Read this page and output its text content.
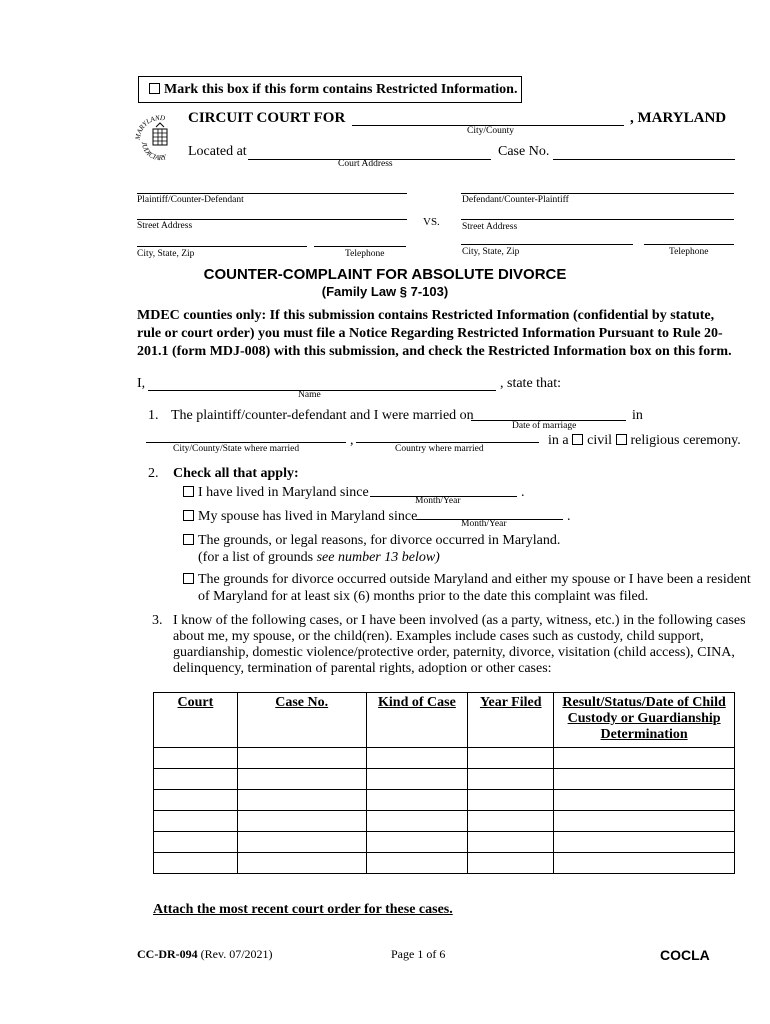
Mark this box if this form contains Restricted Information.
MARYLAND
JUDICIARY
CIRCUIT COURT FOR	, MARYLAND
City/County
Located at	Case No.
Court Address
Plaintiff/Counter-Defendant
Street Address
City, State, Zip	Telephone
VS.
Defendant/Counter-Plaintiff
Street Address
City, State, Zip	Telephone
COUNTER-COMPLAINT FOR ABSOLUTE DIVORCE
(Family Law § 7-103)
MDEC counties only: If this submission contains Restricted Information (confidential by statute, rule or court order) you must file a Notice Regarding Restricted Information Pursuant to Rule 20-201.1 (form MDJ-008) with this submission, and check the Restricted Information box on this form.
I,	, state that:
Name
1. The plaintiff/counter-defendant and I were married on	in
Date of marriage
,	in a civil religious ceremony.
City/County/State where married	Country where married
2. Check all that apply:
I have lived in Maryland since	.
Month/Year
My spouse has lived in Maryland since	.
Month/Year
The grounds, or legal reasons, for divorce occurred in Maryland.
(for a list of grounds see number 13 below)
The grounds for divorce occurred outside Maryland and either my spouse or I have been a resident
of Maryland for at least six (6) months prior to the date this complaint was filed.
3. I know of the following cases, or I have been involved (as a party, witness, etc.) in the following cases
about me, my spouse, or the child(ren). Examples include cases such as custody, child support,
guardianship, domestic violence/protective order, paternity, divorce, visitation (child access), CINA,
delinquency, termination of parental rights, adoption or other cases:
Court	Case No.	Kind of Case	Year Filed	Result/Status/Date of Child Custody or Guardianship Determination

Attach the most recent court order for these cases.
CC-DR-094 (Rev. 07/2021)	Page 1 of 6	COCLA
